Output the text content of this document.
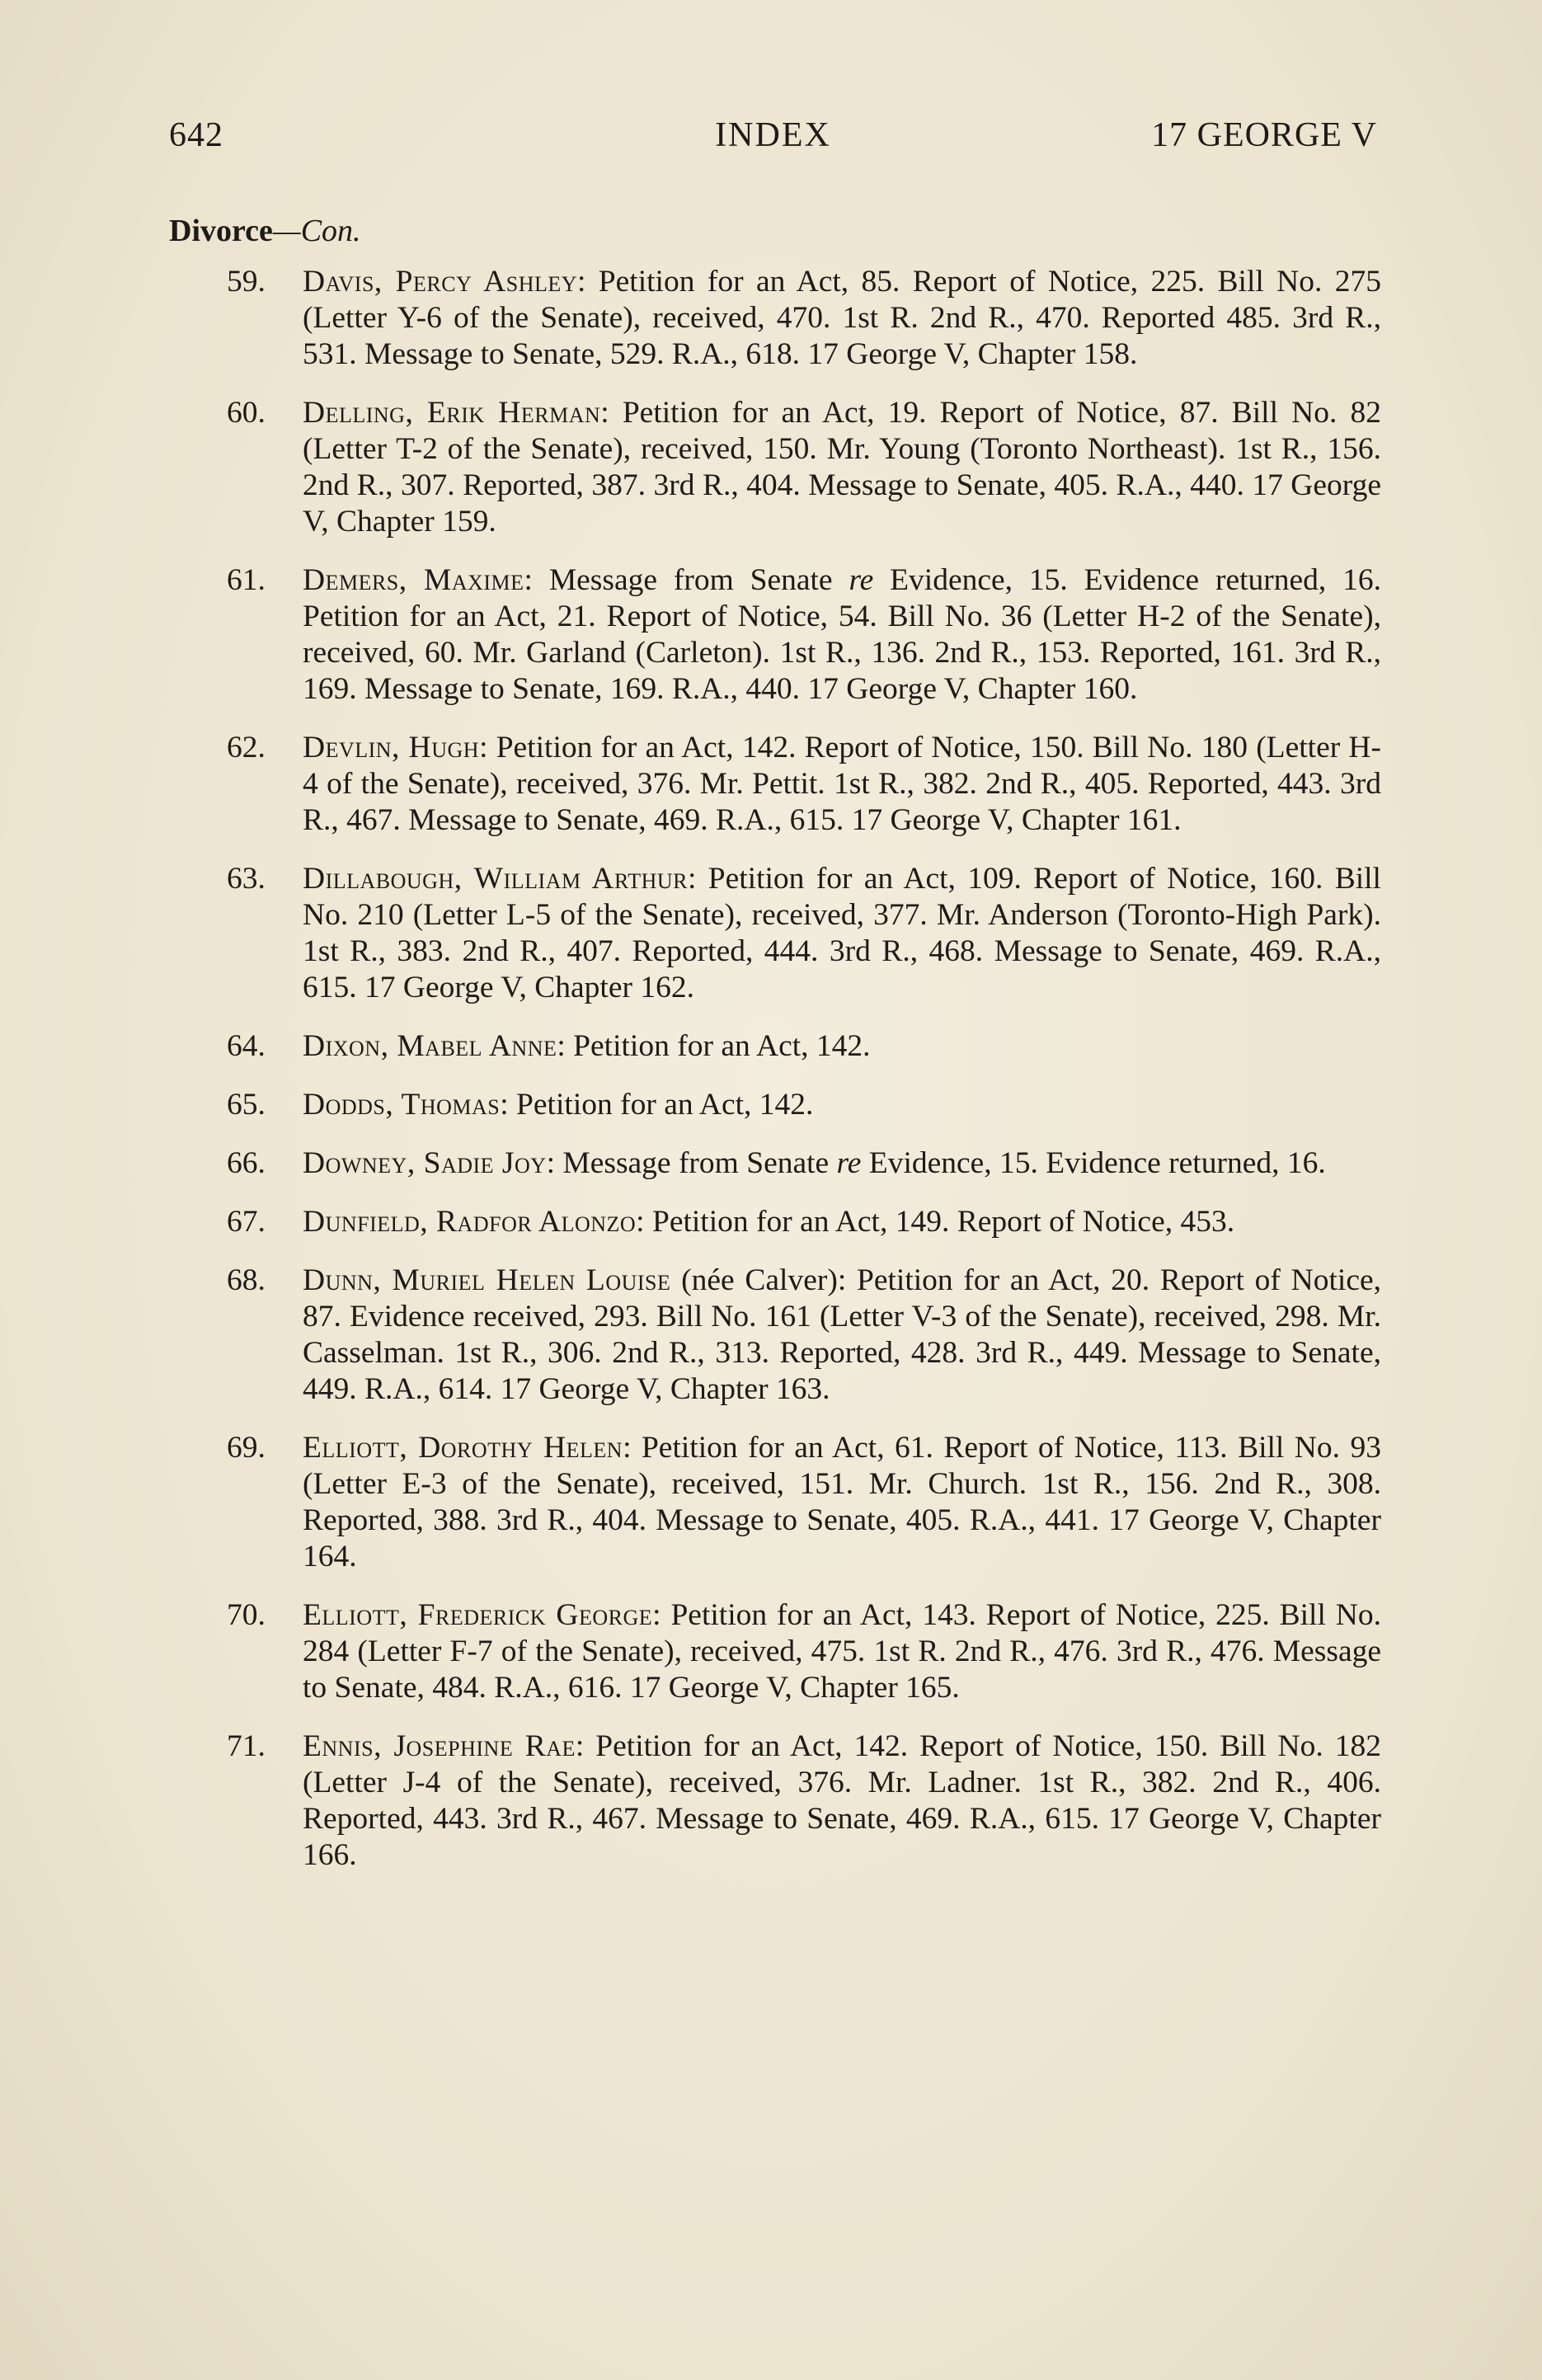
642	INDEX	17 GEORGE V
Divorce—Con.
59. Davis, Percy Ashley: Petition for an Act, 85. Report of Notice, 225. Bill No. 275 (Letter Y-6 of the Senate), received, 470. 1st R. 2nd R., 470. Reported 485. 3rd R., 531. Message to Senate, 529. R.A., 618. 17 George V, Chapter 158.
60. Delling, Erik Herman: Petition for an Act, 19. Report of Notice, 87. Bill No. 82 (Letter T-2 of the Senate), received, 150. Mr. Young (Toronto Northeast). 1st R., 156. 2nd R., 307. Reported, 387. 3rd R., 404. Message to Senate, 405. R.A., 440. 17 George V, Chapter 159.
61. Demers, Maxime: Message from Senate re Evidence, 15. Evidence returned, 16. Petition for an Act, 21. Report of Notice, 54. Bill No. 36 (Letter H-2 of the Senate), received, 60. Mr. Garland (Carleton). 1st R., 136. 2nd R., 153. Reported, 161. 3rd R., 169. Message to Senate, 169. R.A., 440. 17 George V, Chapter 160.
62. Devlin, Hugh: Petition for an Act, 142. Report of Notice, 150. Bill No. 180 (Letter H-4 of the Senate), received, 376. Mr. Pettit. 1st R., 382. 2nd R., 405. Reported, 443. 3rd R., 467. Message to Senate, 469. R.A., 615. 17 George V, Chapter 161.
63. Dillabough, William Arthur: Petition for an Act, 109. Report of Notice, 160. Bill No. 210 (Letter L-5 of the Senate), received, 377. Mr. Anderson (Toronto-High Park). 1st R., 383. 2nd R., 407. Reported, 444. 3rd R., 468. Message to Senate, 469. R.A., 615. 17 George V, Chapter 162.
64. Dixon, Mabel Anne: Petition for an Act, 142.
65. Dodds, Thomas: Petition for an Act, 142.
66. Downey, Sadie Joy: Message from Senate re Evidence, 15. Evidence returned, 16.
67. Dunfield, Radfor Alonzo: Petition for an Act, 149. Report of Notice, 453.
68. Dunn, Muriel Helen Louise (née Calver): Petition for an Act, 20. Report of Notice, 87. Evidence received, 293. Bill No. 161 (Letter V-3 of the Senate), received, 298. Mr. Casselman. 1st R., 306. 2nd R., 313. Reported, 428. 3rd R., 449. Message to Senate, 449. R.A., 614. 17 George V, Chapter 163.
69. Elliott, Dorothy Helen: Petition for an Act, 61. Report of Notice, 113. Bill No. 93 (Letter E-3 of the Senate), received, 151. Mr. Church. 1st R., 156. 2nd R., 308. Reported, 388. 3rd R., 404. Message to Senate, 405. R.A., 441. 17 George V, Chapter 164.
70. Elliott, Frederick George: Petition for an Act, 143. Report of Notice, 225. Bill No. 284 (Letter F-7 of the Senate), received, 475. 1st R. 2nd R., 476. 3rd R., 476. Message to Senate, 484. R.A., 616. 17 George V, Chapter 165.
71. Ennis, Josephine Rae: Petition for an Act, 142. Report of Notice, 150. Bill No. 182 (Letter J-4 of the Senate), received, 376. Mr. Ladner. 1st R., 382. 2nd R., 406. Reported, 443. 3rd R., 467. Message to Senate, 469. R.A., 615. 17 George V, Chapter 166.
